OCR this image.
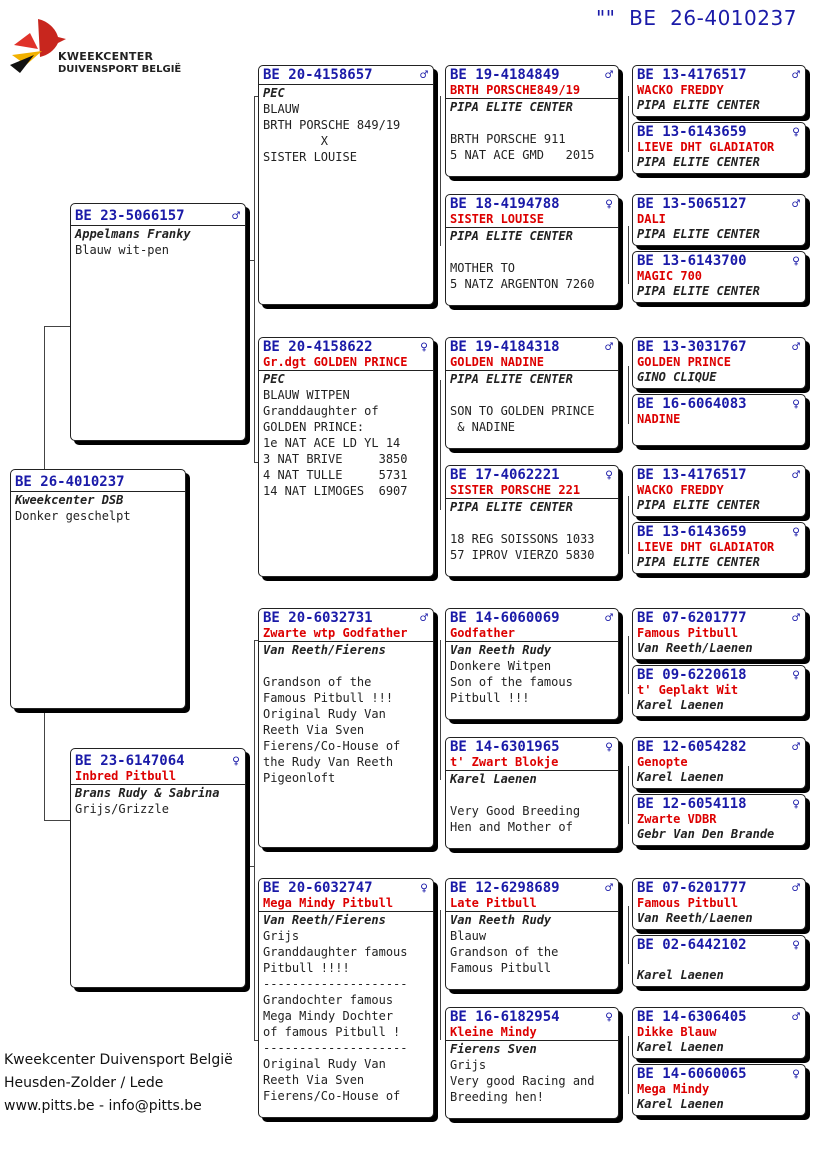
KWEEKCENTER
DUIVENSPORT BELGIË
""  BE  26-4010237
BE 26-4010237
Kweekcenter DSB
Donker geschelpt
BE 23-5066157	♂
Appelmans Franky
Blauw wit-pen
BE 23-6147064	♀
Inbred Pitbull
Brans Rudy & Sabrina
Grijs/Grizzle
BE 20-4158657	♂
PEC
BLAUW
BRTH PORSCHE 849/19
X
SISTER LOUISE
BE 20-4158622	♀
Gr.dgt GOLDEN PRINCE
PEC
BLAUW WITPEN
Granddaughter of
GOLDEN PRINCE:
1e NAT ACE LD YL 14
3 NAT BRIVE     3850
4 NAT TULLE     5731
14 NAT LIMOGES  6907
BE 20-6032731	♂
Zwarte wtp Godfather
Van Reeth/Fierens

Grandson of the
Famous Pitbull !!!
Original Rudy Van
Reeth Via Sven
Fierens/Co-House of
the Rudy Van Reeth
Pigeonloft
BE 20-6032747	♀
Mega Mindy Pitbull
Van Reeth/Fierens
Grijs
Granddaughter famous
Pitbull !!!!
--------------------
Grandochter famous
Mega Mindy Dochter
of famous Pitbull !
--------------------
Original Rudy Van
Reeth Via Sven
Fierens/Co-House of
BE 19-4184849	♂
BRTH PORSCHE849/19
PIPA ELITE CENTER

BRTH PORSCHE 911
5 NAT ACE GMD   2015
BE 18-4194788	♀
SISTER LOUISE
PIPA ELITE CENTER

MOTHER TO
5 NATZ ARGENTON 7260
BE 19-4184318	♂
GOLDEN NADINE
PIPA ELITE CENTER

SON TO GOLDEN PRINCE
& NADINE
BE 17-4062221	♀
SISTER PORSCHE 221
PIPA ELITE CENTER

18 REG SOISSONS 1033
57 IPROV VIERZO 5830
BE 14-6060069	♂
Godfather
Van Reeth Rudy
Donkere Witpen
Son of the famous
Pitbull !!!
BE 14-6301965	♀
t' Zwart Blokje
Karel Laenen

Very Good Breeding
Hen and Mother of
BE 12-6298689	♂
Late Pitbull
Van Reeth Rudy
Blauw
Grandson of the
Famous Pitbull
BE 16-6182954	♀
Kleine Mindy
Fierens Sven
Grijs
Very good Racing and
Breeding hen!
BE 13-4176517	♂
WACKO FREDDY
PIPA ELITE CENTER
BE 13-6143659	♀
LIEVE DHT GLADIATOR
PIPA ELITE CENTER
BE 13-5065127	♂
DALI
PIPA ELITE CENTER
BE 13-6143700	♀
MAGIC 700
PIPA ELITE CENTER
BE 13-3031767	♂
GOLDEN PRINCE
GINO CLIQUE
BE 16-6064083	♀
NADINE
BE 13-4176517	♂
WACKO FREDDY
PIPA ELITE CENTER
BE 13-6143659	♀
LIEVE DHT GLADIATOR
PIPA ELITE CENTER
BE 07-6201777	♂
Famous Pitbull
Van Reeth/Laenen
BE 09-6220618	♀
t' Geplakt Wit
Karel Laenen
BE 12-6054282	♂
Genopte
Karel Laenen
BE 12-6054118	♀
Zwarte VDBR
Gebr Van Den Brande
BE 07-6201777	♂
Famous Pitbull
Van Reeth/Laenen
BE 02-6442102	♀
Karel Laenen
BE 14-6306405	♂
Dikke Blauw
Karel Laenen
BE 14-6060065	♀
Mega Mindy
Karel Laenen
Kweekcenter Duivensport België
Heusden-Zolder / Lede
www.pitts.be - info@pitts.be
